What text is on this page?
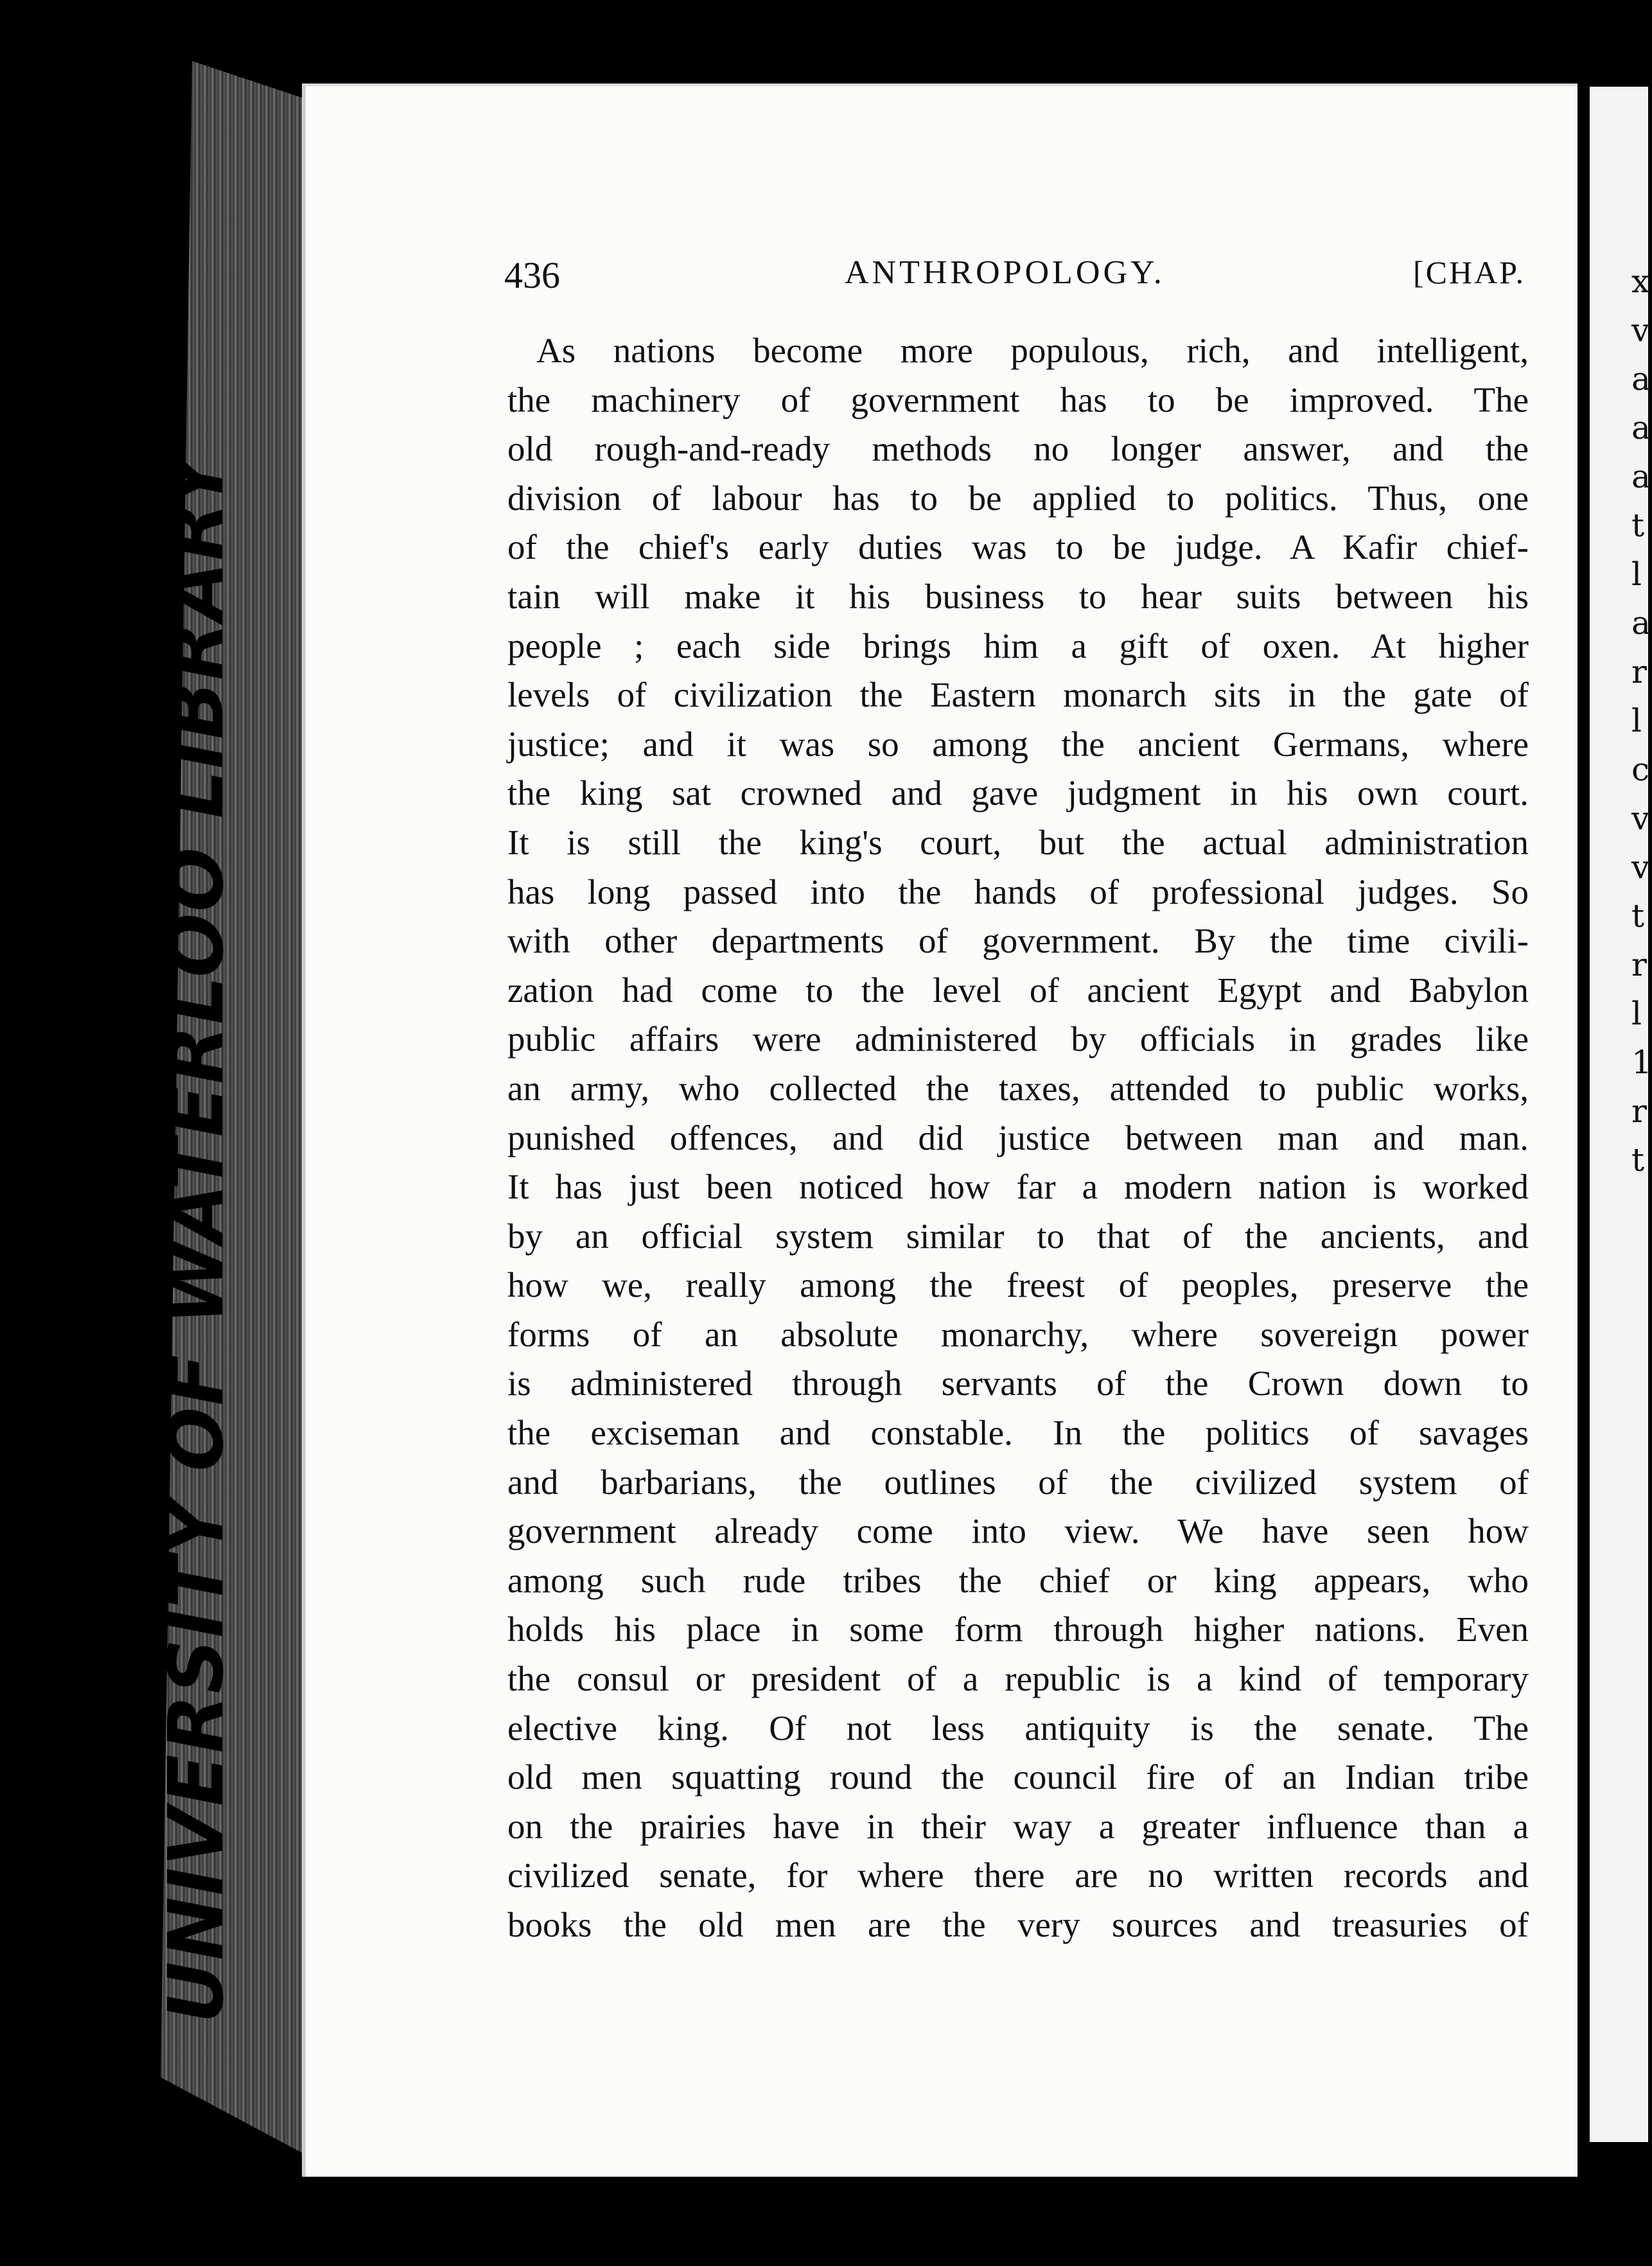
UNIVERSITY OF WATERLOO LIBRARY
x
v
a
a
a
t
l
a
r
l
c
v
v
t
r
l
1
r
t
436	ANTHROPOLOGY.	[CHAP.
As nations become more populous, rich, and intelligent,
the machinery of government has to be improved. The
old rough-and-ready methods no longer answer, and the
division of labour has to be applied to politics. Thus, one
of the chief's early duties was to be judge. A Kafir chief-
tain will make it his business to hear suits between his
people ; each side brings him a gift of oxen. At higher
levels of civilization the Eastern monarch sits in the gate of
justice; and it was so among the ancient Germans, where
the king sat crowned and gave judgment in his own court.
It is still the king's court, but the actual administration
has long passed into the hands of professional judges. So
with other departments of government. By the time civili-
zation had come to the level of ancient Egypt and Babylon
public affairs were administered by officials in grades like
an army, who collected the taxes, attended to public works,
punished offences, and did justice between man and man.
It has just been noticed how far a modern nation is worked
by an official system similar to that of the ancients, and
how we, really among the freest of peoples, preserve the
forms of an absolute monarchy, where sovereign power
is administered through servants of the Crown down to
the exciseman and constable. In the politics of savages
and barbarians, the outlines of the civilized system of
government already come into view. We have seen how
among such rude tribes the chief or king appears, who
holds his place in some form through higher nations. Even
the consul or president of a republic is a kind of temporary
elective king. Of not less antiquity is the senate. The
old men squatting round the council fire of an Indian tribe
on the prairies have in their way a greater influence than a
civilized senate, for where there are no written records and
books the old men are the very sources and treasuries of
